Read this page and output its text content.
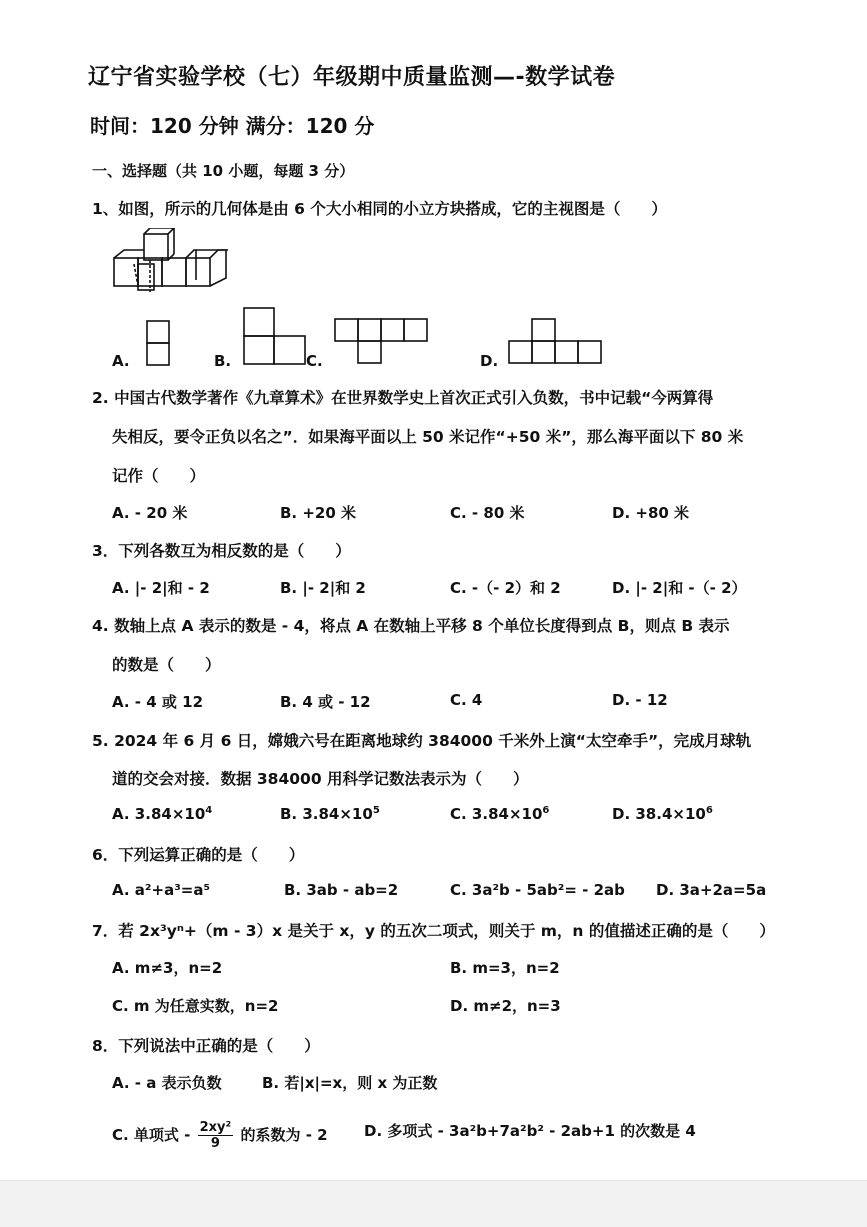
辽宁省实验学校（七）年级期中质量监测—-数学试卷
时间：120 分钟 满分：120 分
一、选择题（共 10 小题，每题 3 分）
1、如图，所示的几何体是由 6 个大小相同的小立方块搭成，它的主视图是（　　）
A.	B.	C.	D.
2. 中国古代数学著作《九章算术》在世界数学史上首次正式引入负数，书中记载“今两算得
失相反，要令正负以名之”．如果海平面以上 50 米记作“+50 米”，那么海平面以下 80 米
记作（　　）
A. - 20 米	B. +20 米	C. - 80 米	D. +80 米
3．下列各数互为相反数的是（　　）
A. |- 2|和 - 2	B. |- 2|和 2	C. -（- 2）和 2	D. |- 2|和 -（- 2）
4. 数轴上点 A 表示的数是 - 4，将点 A 在数轴上平移 8 个单位长度得到点 B，则点 B 表示
的数是（　　）
A. - 4 或 12	B. 4 或 - 12	C. 4	D. - 12
5. 2024 年 6 月 6 日，嫦娥六号在距离地球约 384000 千米外上演“太空牵手”，完成月球轨
道的交会对接．数据 384000 用科学记数法表示为（　　）
A. $3.84\times 10^4$	B. $3.84\times 10^5$	C. $3.84\times 10^6$	D. $38.4\times 10^6$
6．下列运算正确的是（　　）
A. a²+a³=a⁵	B. 3ab - ab=2	C. 3a²b - 5ab²= - 2ab D. 3a+2a=5a
7．若 2x³yⁿ+（m - 3）x 是关于 x，y 的五次二项式，则关于 m，n 的值描述正确的是（　　）
A. m≠3，n=2	B. m=3，n=2
C. m 为任意实数，n=2	D. m≠2，n=3
8．下列说法中正确的是（　　）
A. - a 表示负数	B. 若|x|=x，则 x 为正数
C. 单项式 - $\frac{\text{2xy²}}{9}$ 的系数为 - 2 D. 多项式 - 3a²b+7a²b² - 2ab+1 的次数是 4
